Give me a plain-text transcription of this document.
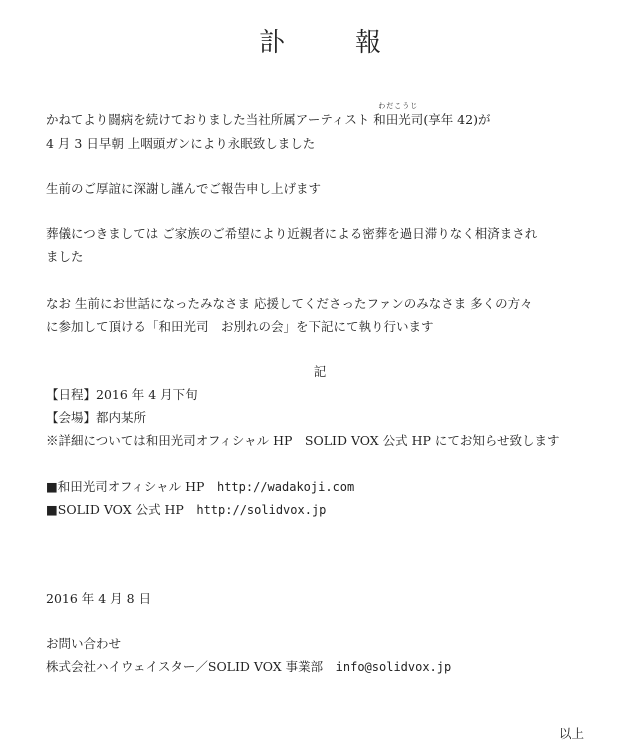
訃　報
かねてより闘病を続けておりました当社所属アーティスト
わだこうじ
和田光司(享年 42)が
4 月 3 日早朝 上咽頭ガンにより永眠致しました
生前のご厚誼に深謝し謹んでご報告申し上げます
葬儀につきましては ご家族のご希望により近親者による密葬を過日滞りなく相済まされ
ました
なお 生前にお世話になったみなさま 応援してくださったファンのみなさま 多くの方々
に参加して頂ける「和田光司　お別れの会」を下記にて執り行います
記
【日程】2016 年 4 月下旬
【会場】都内某所
※詳細については和田光司オフィシャル HP　SOLID VOX 公式 HP にてお知らせ致します
■和田光司オフィシャル HP　http://wadakoji.com
■SOLID VOX 公式 HP　http://solidvox.jp
2016 年 4 月 8 日
お問い合わせ
株式会社ハイウェイスター／SOLID VOX 事業部　info@solidvox.jp
以上
